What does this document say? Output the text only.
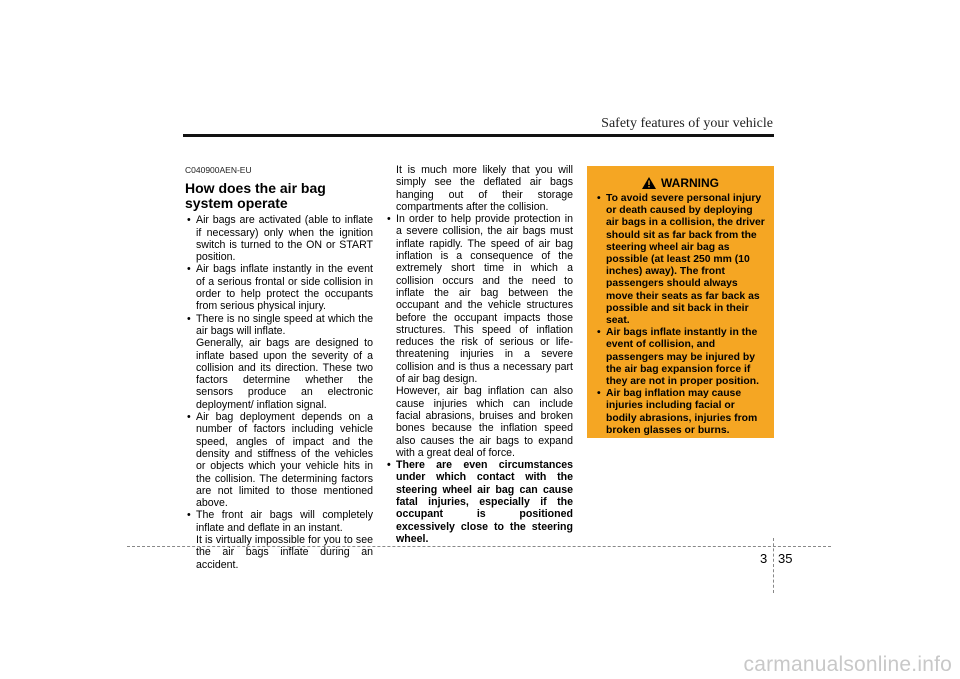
Safety features of your vehicle
C040900AEN-EU
How does the air bag system operate
• Air bags are activated (able to inflate if necessary) only when the ignition switch is turned to the ON or START position.
• Air bags inflate instantly in the event of a serious frontal or side collision in order to help protect the occupants from serious physical injury.
• There is no single speed at which the air bags will inflate.

Generally, air bags are designed to inflate based upon the severity of a collision and its direction. These two factors determine whether the sensors produce an electronic deployment/ inflation signal.

• Air bag deployment depends on a number of factors including vehicle speed, angles of impact and the density and stiffness of the vehicles or objects which your vehicle hits in the collision. The determining factors are not limited to those mentioned above.
• The front air bags will completely inflate and deflate in an instant.

It is virtually impossible for you to see the air bags inflate during an accident.

It is much more likely that you will simply see the deflated air bags hanging out of their storage compartments after the collision.

• In order to help provide protection in a severe collision, the air bags must inflate rapidly. The speed of air bag inflation is a consequence of the extremely short time in which a collision occurs and the need to inflate the air bag between the occupant and the vehicle structures before the occupant impacts those structures. This speed of inflation reduces the risk of serious or life-threatening injuries in a severe collision and is thus a necessary part of air bag design.

However, air bag inflation can also cause injuries which can include facial abrasions, bruises and broken bones because the inflation speed also causes the air bags to expand with a great deal of force.

• There are even circumstances under which contact with the steering wheel air bag can cause fatal injuries, especially if the occupant is positioned excessively close to the steering wheel.
WARNING
• To avoid severe personal injury or death caused by deploying air bags in a collision, the driver should sit as far back from the steering wheel air bag as possible (at least 250 mm (10 inches) away). The front passengers should always move their seats as far back as possible and sit back in their seat.
• Air bags inflate instantly in the event of collision, and passengers may be injured by the air bag expansion force if they are not in proper position.
• Air bag inflation may cause injuries including facial or bodily abrasions, injuries from broken glasses or burns.
3 35
carmanualsonline.info
